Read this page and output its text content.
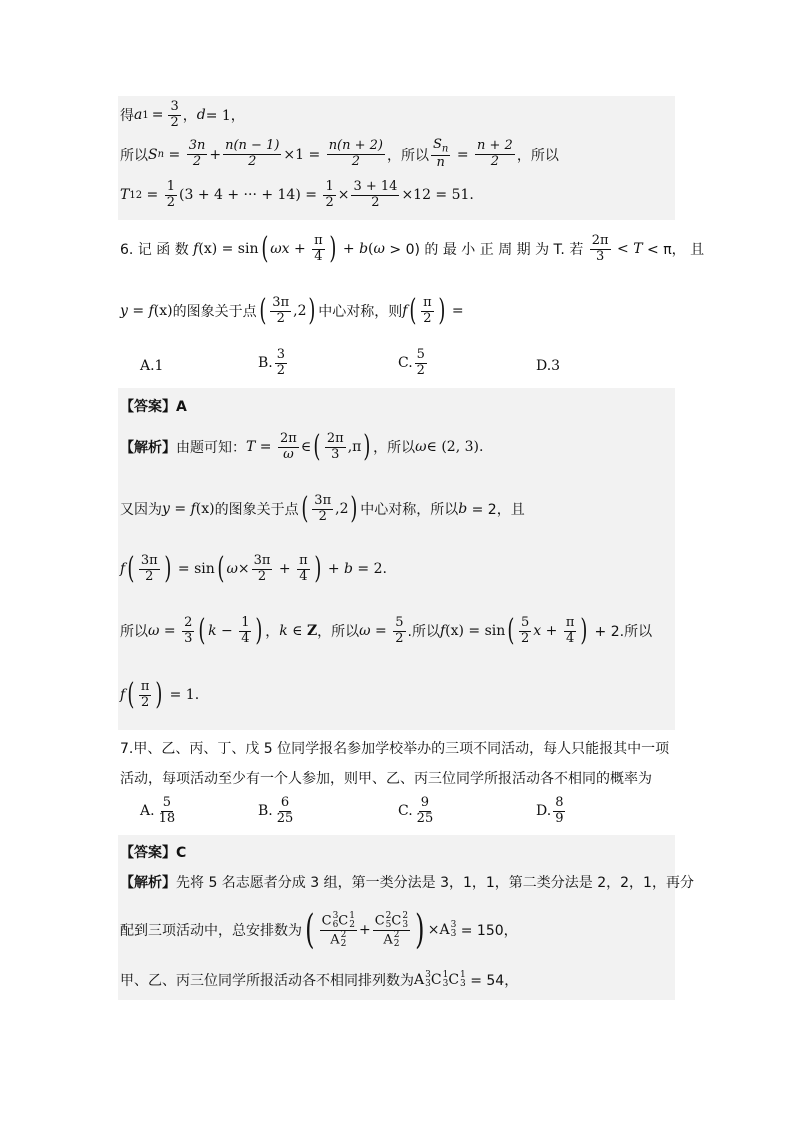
得 a $1 = \frac{3}{2}$ ， d = 1，
所以 S $n = \frac{3n}{2} + \frac{n(n - 1)}{2} \times 1 = \frac{n(n + 2)}{2}$ ，所以 $\frac{S_n}{n} = \frac{n + 2}{2}$ ，所以
T $12 = \frac{1}{2} (3 + 4$ + ··· + $14) = \frac{1}{2} \times \frac{3 + 14}{2} \times 12 = 51$.
6. 记 函 数 f (x) = sin ( ω $x + \frac{\pi}{4}$ ) + b ( ω > 0) 的 最 小 正 周 期 为 T. 若 $\frac{2\pi}{3} < T < \pi$， 且
y = f (x) 的图象关于点 ( $\frac{3\pi}{2} ,2$ ) 中心对称，则 f ( $\frac{\pi}{2}$ ) =
A.1	B. $\frac{3}{2}$	C. $\frac{5}{2}$	D.3
【答案】A
【解析】 由题可知： $T = \frac{2\pi}{\omega}$ ∈ ( $\frac{2\pi}{3} ,\pi$ ) ，所以 ω ∈ (2, 3).
又因为 y = f (x) 的图象关于点 ( $\frac{3\pi}{2} ,2$ ) 中心对称，所以 b = 2，且
f ( $\frac{3\pi}{2}$ ) = sin ( $\omega \times \frac{3\pi}{2} + \frac{\pi}{4}$ ) + b = 2.
所以 $\omega = \frac{2}{3}$ ( $k - \frac{1}{4}$ ) ， k ∈ Z ，所以 $\omega = \frac{5}{2}$ .所以 f (x) = sin ( $\frac{5}{2}$ $x + \frac{\pi}{4}$ ) + 2.所以
f ( $\frac{\pi}{2}$ ) = 1.
7.甲、乙、丙、丁、戊 5 位同学报名参加学校举办的三项不同活动，每人只能报其中一项
活动，每项活动至少有一个人参加，则甲、乙、丙三位同学所报活动各不相同的概率为
A. $\frac{5}{18}$	B. $\frac{6}{25}$	C. $\frac{9}{25}$	D. $\frac{8}{9}$
【答案】C
【解析】 先将 5 名志愿者分成 3 组，第一类分法是 3，1，1，第二类分法是 2，2，1，再分
配到三项活动中，总安排数为 ( C 3
6 C 1
2
A 2
2 + C 2
5 C 2
3
A 2
2 ) × A 3
3 = 150，
甲、乙、丙三位同学所报活动各不相同排列数为 A 3
3 C 1
3 C 1
3 = 54，
